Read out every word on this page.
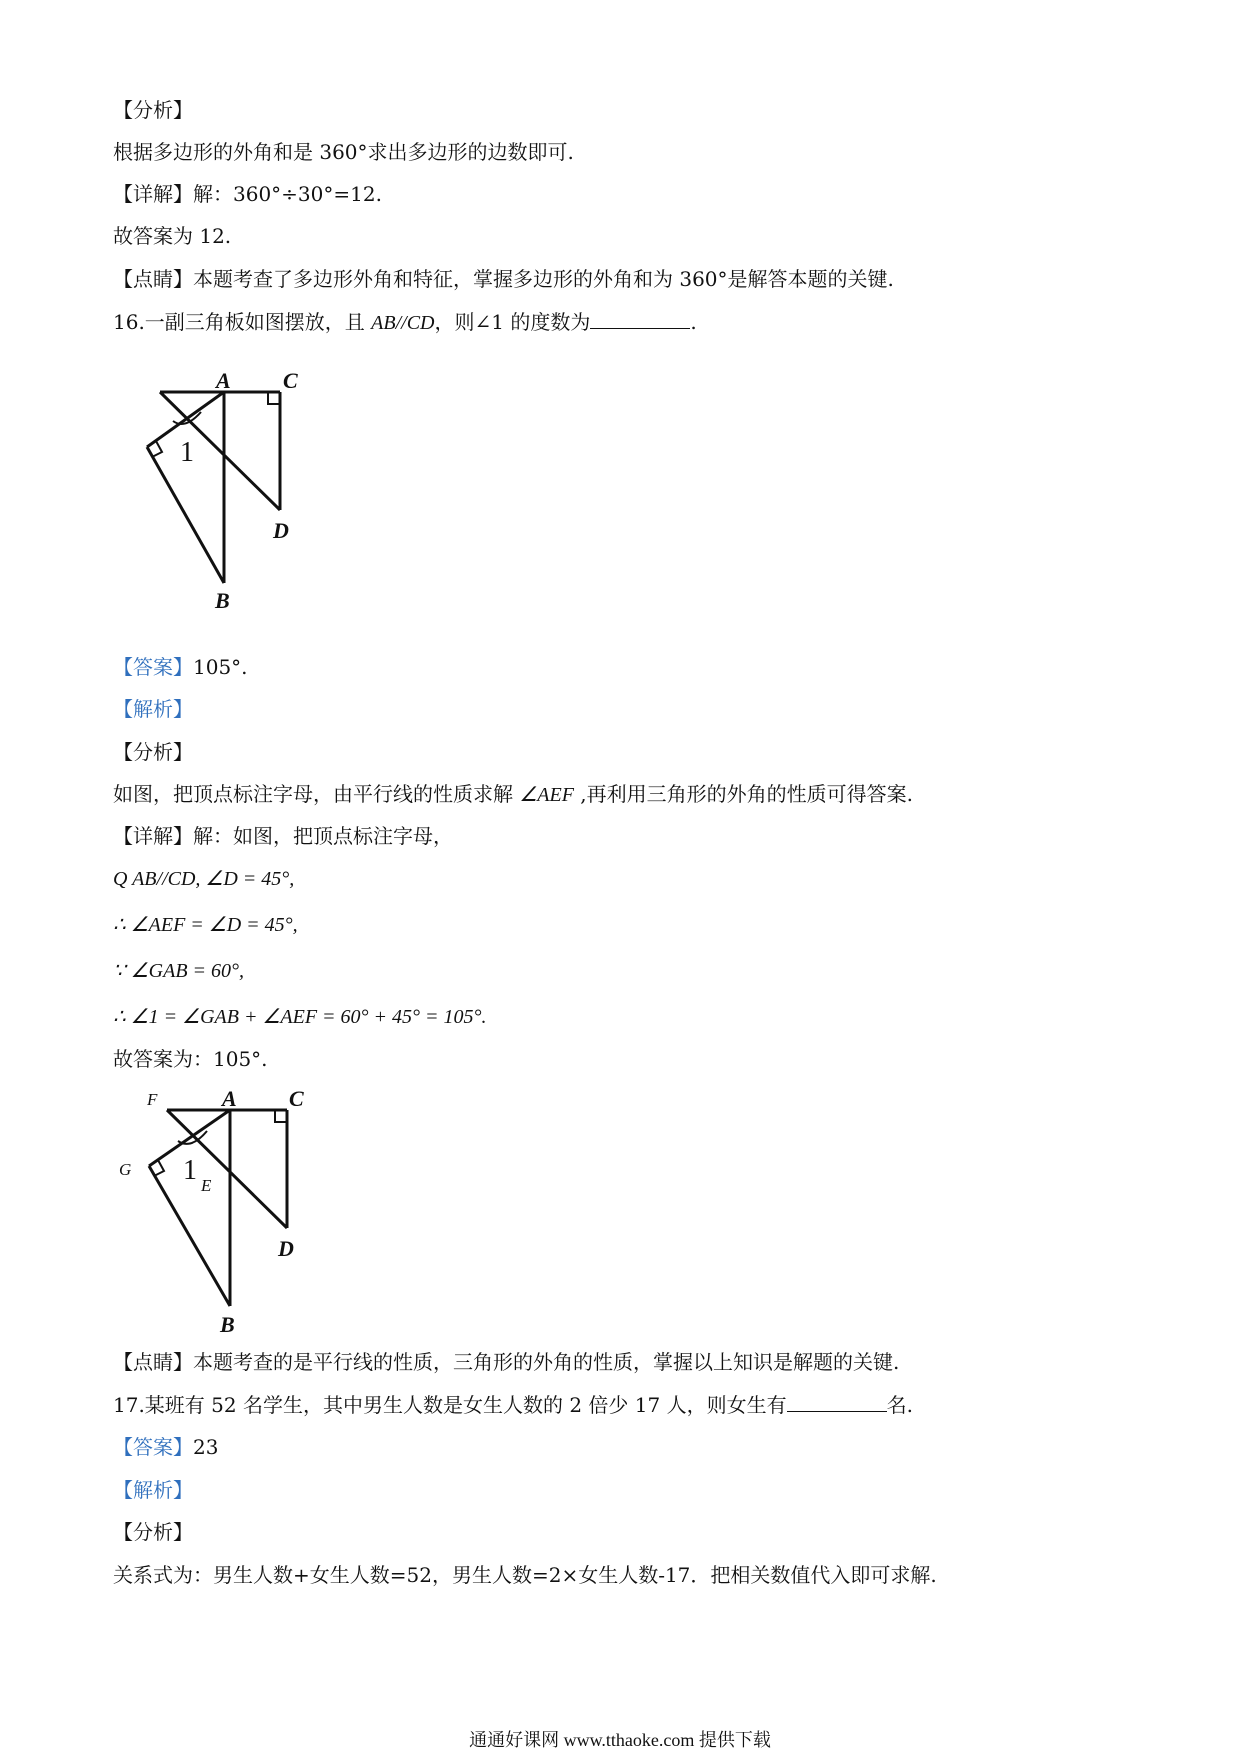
【分析】
根据多边形的外角和是 360°求出多边形的边数即可.
【详解】解：360°÷30°=12.
故答案为 12.
【点睛】本题考查了多边形外角和特征，掌握多边形的外角和为 360°是解答本题的关键.
16.一副三角板如图摆放，且 AB//CD，则∠1 的度数为	.
A C
D
B
1
【答案】105°.
【解析】
【分析】
如图，把顶点标注字母，由平行线的性质求解 ∠AEF ,再利用三角形的外角的性质可得答案.
【详解】解：如图，把顶点标注字母，
Q AB//CD, ∠D = 45°,
∴ ∠AEF = ∠D = 45°,
∵ ∠GAB = 60°,
∴ ∠1 = ∠GAB + ∠AEF = 60° + 45° = 105°.
故答案为：105°.
A C
D
B
F
G
E
1
【点睛】本题考查的是平行线的性质，三角形的外角的性质，掌握以上知识是解题的关键.
17.某班有 52 名学生，其中男生人数是女生人数的 2 倍少 17 人，则女生有	名.
【答案】23
【解析】
【分析】
关系式为：男生人数+女生人数=52，男生人数=2×女生人数-17．把相关数值代入即可求解.
通通好课网 www.tthaoke.com 提供下载
